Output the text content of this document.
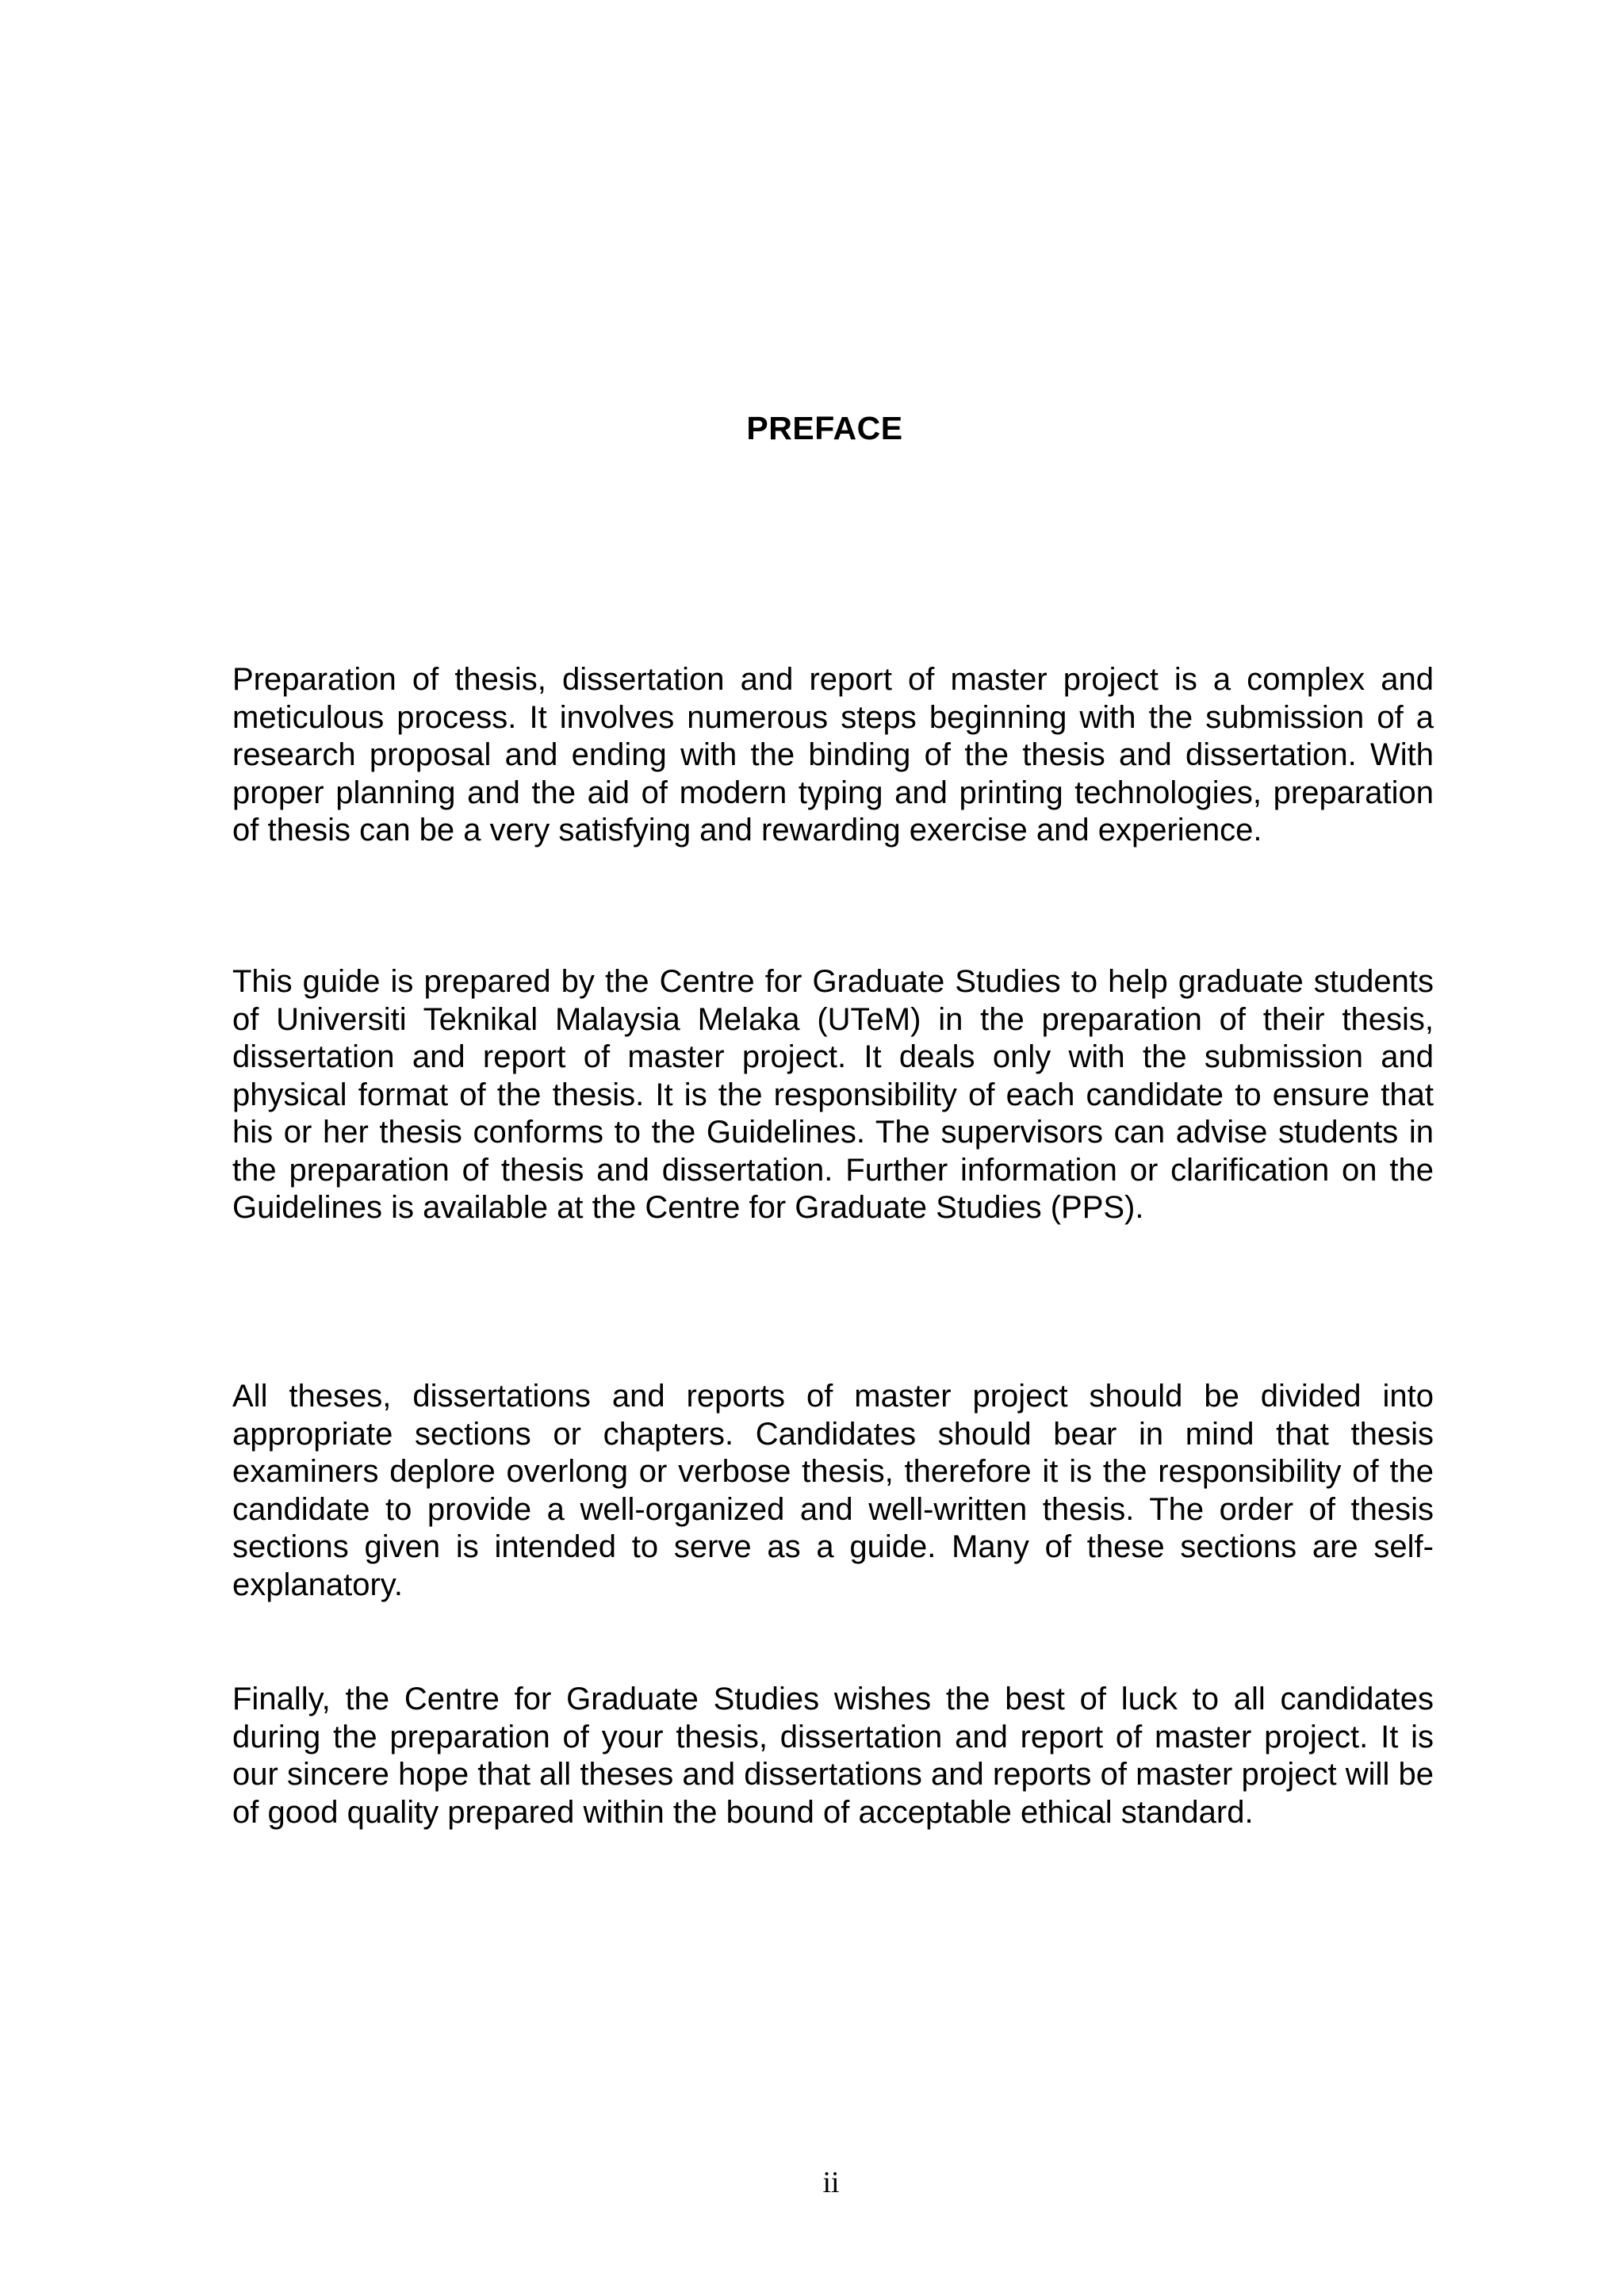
PREFACE

Preparation of thesis, dissertation and report of master project is a complex and meticulous process. It involves numerous steps beginning with the submission of a research proposal and ending with the binding of the thesis and dissertation. With proper planning and the aid of modern typing and printing technologies, preparation of thesis can be a very satisfying and rewarding exercise and experience.

This guide is prepared by the Centre for Graduate Studies to help graduate students of Universiti Teknikal Malaysia Melaka (UTeM) in the preparation of their thesis, dissertation and report of master project. It deals only with the submission and physical format of the thesis. It is the responsibility of each candidate to ensure that his or her thesis conforms to the Guidelines. The supervisors can advise students in the preparation of thesis and dissertation. Further information or clarification on the Guidelines is available at the Centre for Graduate Studies (PPS).

All theses, dissertations and reports of master project should be divided into appropriate sections or chapters. Candidates should bear in mind that thesis examiners deplore overlong or verbose thesis, therefore it is the responsibility of the candidate to provide a well-organized and well-written thesis. The order of thesis sections given is intended to serve as a guide. Many of these sections are self-explanatory.

Finally, the Centre for Graduate Studies wishes the best of luck to all candidates during the preparation of your thesis, dissertation and report of master project. It is our sincere hope that all theses and dissertations and reports of master project will be of good quality prepared within the bound of acceptable ethical standard.

ii
